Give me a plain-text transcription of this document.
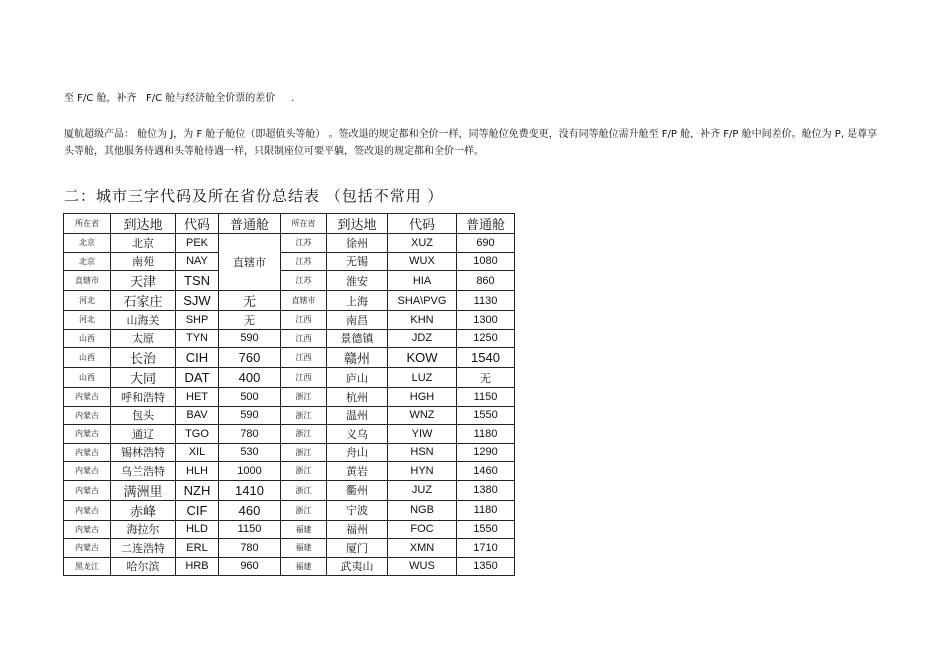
至 F/C 舱，补齐   F/C 舱与经济舱全价票的差价     .

厦航超级产品： 舱位为 J，为 F 舱子舱位（即超值头等舱） 。签改退的规定都和全价一样，同等舱位免费变更，没有同等舱位需升舱至 F/P 舱，补齐 F/P 舱中间差价。舱位为 P, 是尊享头等舱，其他服务待遇和头等舱待遇一样，只限制座位可要平躺，签改退的规定都和全价一样。

二：城市三字代码及所在省份总结表 （包括不常用 ）
所在省	到达地	代码	普通舱	所在省	到达地	代码	普通舱
北京	北京	PEK	直辖市	江苏	徐州	XUZ	690
北京	南苑	NAY		江苏	无锡	WUX	1080
直辖市	天津	TSN		江苏	淮安	HIA	860
河北	石家庄	SJW	无	直辖市	上海	SHA\PVG	1130
河北	山海关	SHP	无	江西	南昌	KHN	1300
山西	太原	TYN	590	江西	景德镇	JDZ	1250
山西	长治	CIH	760	江西	赣州	KOW	1540
山西	大同	DAT	400	江西	庐山	LUZ	无
内蒙古	呼和浩特	HET	500	浙江	杭州	HGH	1150
内蒙古	包头	BAV	590	浙江	温州	WNZ	1550
内蒙古	通辽	TGO	780	浙江	义乌	YIW	1180
内蒙古	锡林浩特	XIL	530	浙江	舟山	HSN	1290
内蒙古	乌兰浩特	HLH	1000	浙江	黄岩	HYN	1460
内蒙古	满洲里	NZH	1410	浙江	衢州	JUZ	1380
内蒙古	赤峰	CIF	460	浙江	宁波	NGB	1180
内蒙古	海拉尔	HLD	1150	福建	福州	FOC	1550
内蒙古	二连浩特	ERL	780	福建	厦门	XMN	1710
黑龙江	哈尔滨	HRB	960	福建	武夷山	WUS	1350
